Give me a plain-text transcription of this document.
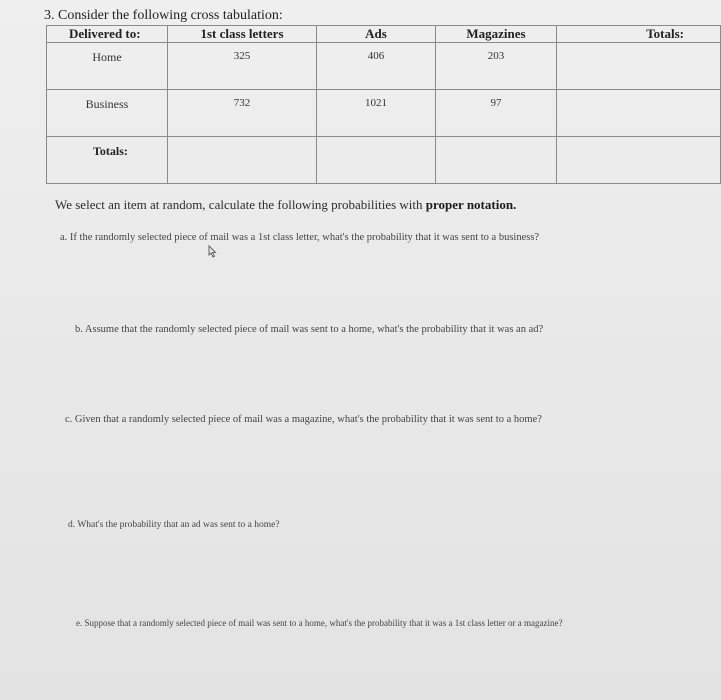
3. Consider the following cross tabulation:
Delivered to:	1st class letters	Ads	Magazines	Totals:

Home	325	406	203	

Business	732	1021	97	

Totals:				

We select an item at random, calculate the following probabilities with proper notation.
a. If the randomly selected piece of mail was a 1st class letter, what's the probability that it was sent to a business?
b. Assume that the randomly selected piece of mail was sent to a home, what's the probability that it was an ad?
c. Given that a randomly selected piece of mail was a magazine, what's the probability that it was sent to a home?
d. What's the probability that an ad was sent to a home?
e. Suppose that a randomly selected piece of mail was sent to a home, what's the probability that it was a 1st class letter or a magazine?
